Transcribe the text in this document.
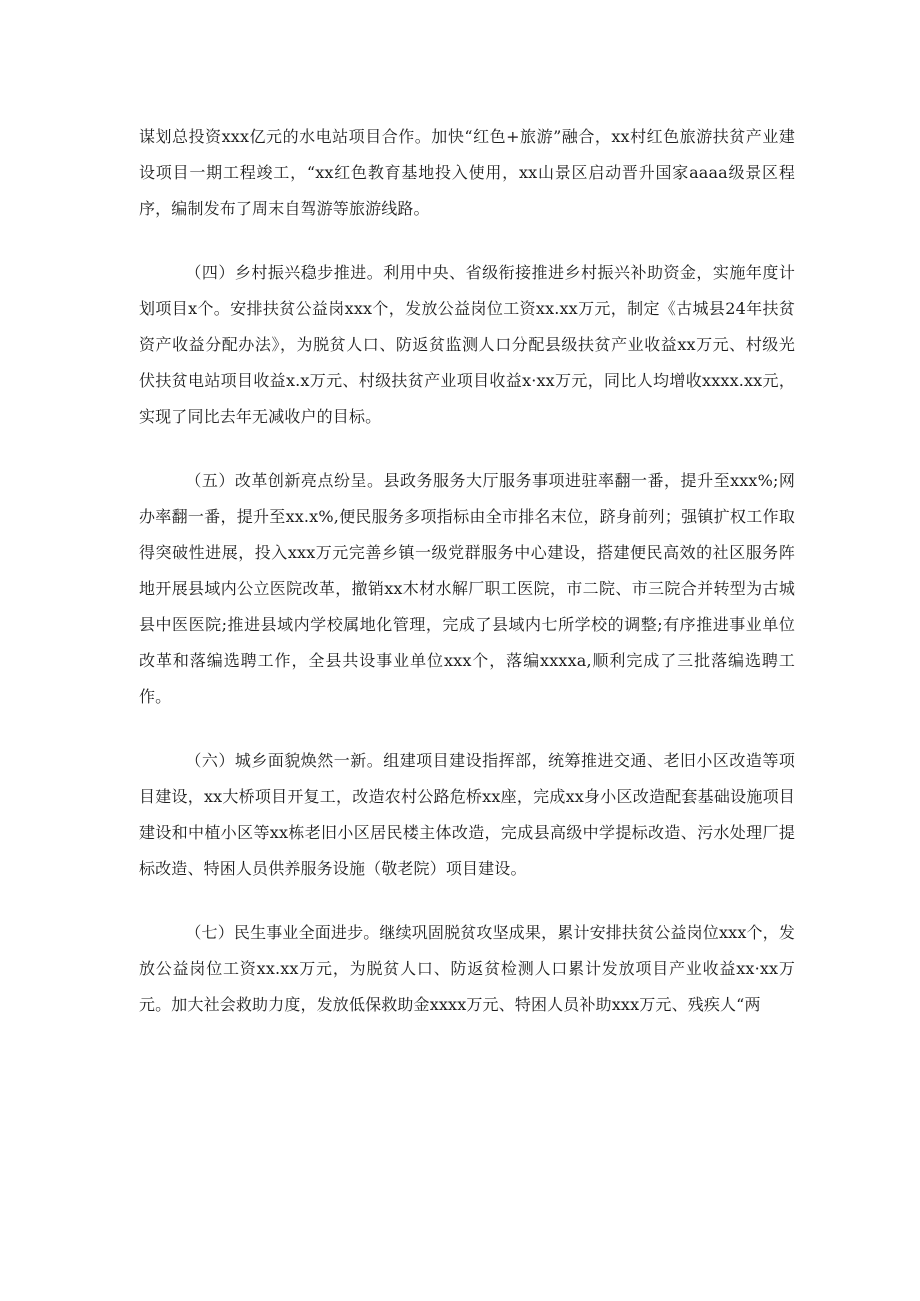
谋划总投资xxx亿元的水电站项目合作。加快“红色+旅游”融合，xx村红色旅游扶贫产业建设项目一期工程竣工，“xx红色教育基地投入使用，xx山景区启动晋升国家aaaa级景区程序，编制发布了周末自驾游等旅游线路。

（四）乡村振兴稳步推进。利用中央、省级衔接推进乡村振兴补助资金，实施年度计划项目x个。安排扶贫公益岗xxx个，发放公益岗位工资xx.xx万元，制定《古城县24年扶贫资产收益分配办法》，为脱贫人口、防返贫监测人口分配县级扶贫产业收益xx万元、村级光伏扶贫电站项目收益x.x万元、村级扶贫产业项目收益x·xx万元，同比人均增收xxxx.xx元，实现了同比去年无减收户的目标。

（五）改革创新亮点纷呈。县政务服务大厅服务事项进驻率翻一番，提升至xxx%;网办率翻一番，提升至xx.x%,便民服务多项指标由全市排名末位，跻身前列；强镇扩权工作取得突破性进展，投入xxx万元完善乡镇一级党群服务中心建设，搭建便民高效的社区服务阵地开展县域内公立医院改革，撤销xx木材水解厂职工医院，市二院、市三院合并转型为古城县中医医院;推进县域内学校属地化管理，完成了县域内七所学校的调整;有序推进事业单位改革和落编选聘工作，全县共设事业单位xxx个，落编xxxxa,顺利完成了三批落编选聘工作。

（六）城乡面貌焕然一新。组建项目建设指挥部，统筹推进交通、老旧小区改造等项目建设，xx大桥项目开复工，改造农村公路危桥xx座，完成xx身小区改造配套基础设施项目建设和中植小区等xx栋老旧小区居民楼主体改造，完成县高级中学提标改造、污水处理厂提标改造、特困人员供养服务设施（敬老院）项目建设。

（七）民生事业全面进步。继续巩固脱贫攻坚成果，累计安排扶贫公益岗位xxx个，发放公益岗位工资xx.xx万元，为脱贫人口、防返贫检测人口累计发放项目产业收益xx·xx万元。加大社会救助力度，发放低保救助金xxxx万元、特困人员补助xxx万元、残疾人“两
